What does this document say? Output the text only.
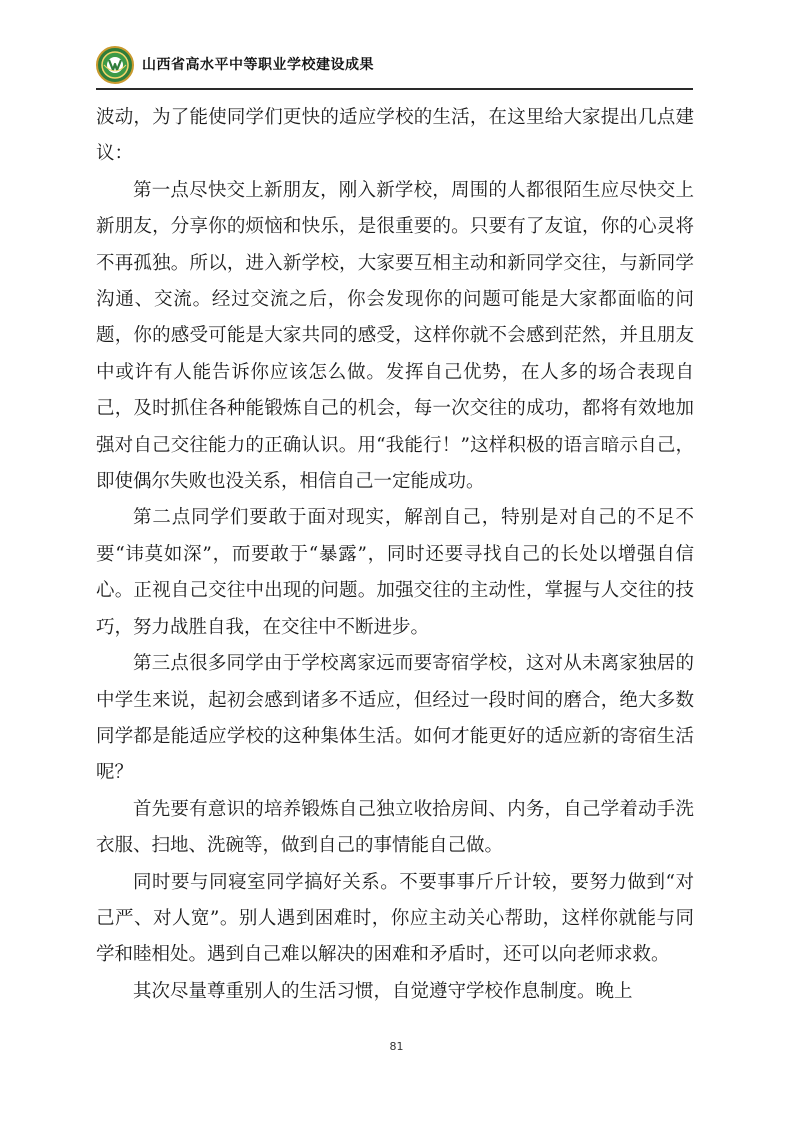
山西省高水平中等职业学校建设成果

波动，为了能使同学们更快的适应学校的生活，在这里给大家提出几点建议：

第一点尽快交上新朋友，刚入新学校，周围的人都很陌生应尽快交上新朋友，分享你的烦恼和快乐，是很重要的。只要有了友谊，你的心灵将不再孤独。所以，进入新学校，大家要互相主动和新同学交往，与新同学沟通、交流。经过交流之后，你会发现你的问题可能是大家都面临的问题，你的感受可能是大家共同的感受，这样你就不会感到茫然，并且朋友中或许有人能告诉你应该怎么做。发挥自己优势，在人多的场合表现自己，及时抓住各种能锻炼自己的机会，每一次交往的成功，都将有效地加强对自己交往能力的正确认识。用“我能行！”这样积极的语言暗示自己，即使偶尔失败也没关系，相信自己一定能成功。

第二点同学们要敢于面对现实，解剖自己，特别是对自己的不足不要“讳莫如深”，而要敢于“暴露”，同时还要寻找自己的长处以增强自信心。正视自己交往中出现的问题。加强交往的主动性，掌握与人交往的技巧，努力战胜自我，在交往中不断进步。

第三点很多同学由于学校离家远而要寄宿学校，这对从未离家独居的中学生来说，起初会感到诸多不适应，但经过一段时间的磨合，绝大多数同学都是能适应学校的这种集体生活。如何才能更好的适应新的寄宿生活呢？

首先要有意识的培养锻炼自己独立收拾房间、内务，自己学着动手洗衣服、扫地、洗碗等，做到自己的事情能自己做。

同时要与同寝室同学搞好关系。不要事事斤斤计较，要努力做到“对己严、对人宽”。别人遇到困难时，你应主动关心帮助，这样你就能与同学和睦相处。遇到自己难以解决的困难和矛盾时，还可以向老师求救。

其次尽量尊重别人的生活习惯，自觉遵守学校作息制度。晚上

81
